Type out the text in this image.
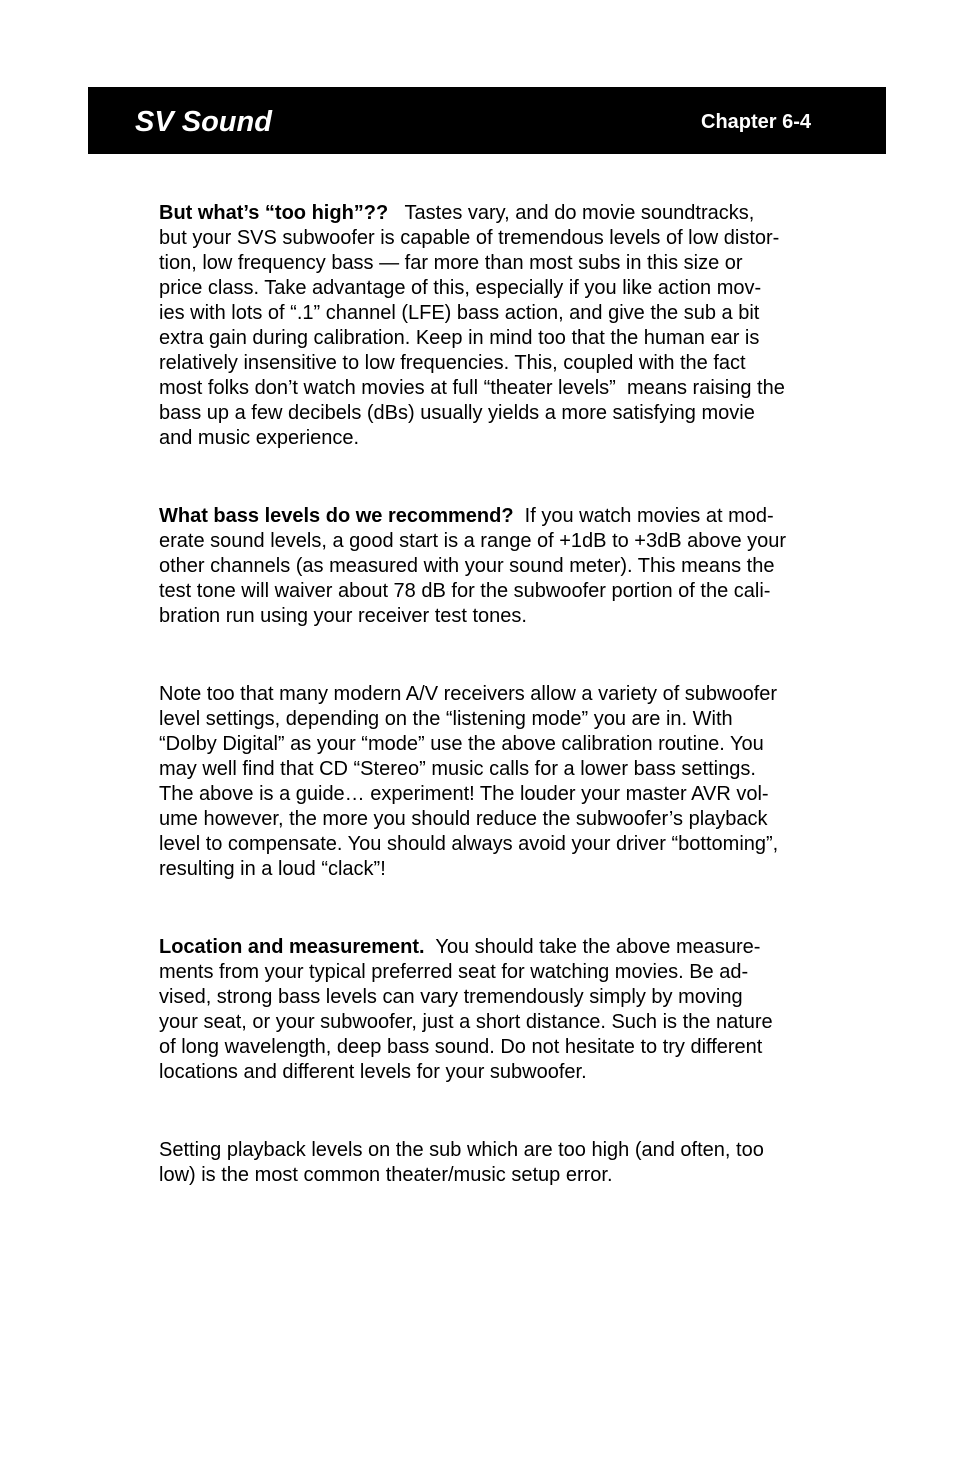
SV Sound	Chapter 6-4

But what’s “too high”??   Tastes vary, and do movie soundtracks,
but your SVS subwoofer is capable of tremendous levels of low distor-
tion, low frequency bass — far more than most subs in this size or
price class. Take advantage of this, especially if you like action mov-
ies with lots of “.1” channel (LFE) bass action, and give the sub a bit
extra gain during calibration. Keep in mind too that the human ear is
relatively insensitive to low frequencies. This, coupled with the fact
most folks don’t watch movies at full “theater levels”  means raising the
bass up a few decibels (dBs) usually yields a more satisfying movie
and music experience.

What bass levels do we recommend?  If you watch movies at mod-
erate sound levels, a good start is a range of +1dB to +3dB above your
other channels (as measured with your sound meter). This means the
test tone will waiver about 78 dB for the subwoofer portion of the cali-
bration run using your receiver test tones.

Note too that many modern A/V receivers allow a variety of subwoofer
level settings, depending on the “listening mode” you are in. With
“Dolby Digital” as your “mode” use the above calibration routine. You
may well find that CD “Stereo” music calls for a lower bass settings.
The above is a guide… experiment! The louder your master AVR vol-
ume however, the more you should reduce the subwoofer’s playback
level to compensate. You should always avoid your driver “bottoming”,
resulting in a loud “clack”!

Location and measurement.  You should take the above measure-
ments from your typical preferred seat for watching movies. Be ad-
vised, strong bass levels can vary tremendously simply by moving
your seat, or your subwoofer, just a short distance. Such is the nature
of long wavelength, deep bass sound. Do not hesitate to try different
locations and different levels for your subwoofer.

Setting playback levels on the sub which are too high (and often, too
low) is the most common theater/music setup error.
